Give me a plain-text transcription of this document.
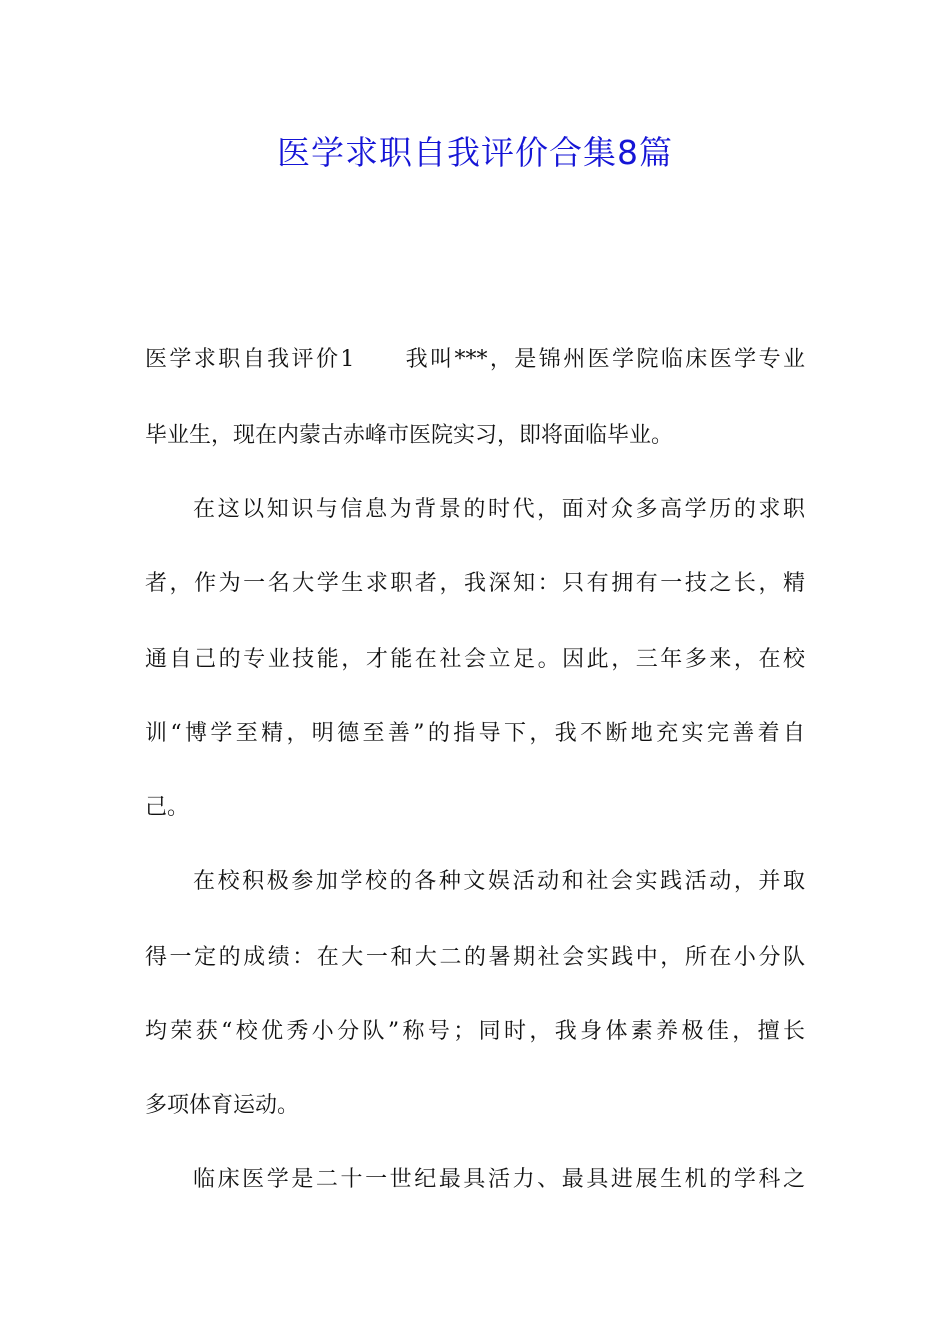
医学求职自我评价合集8篇
医学求职自我评价1　　我叫***，是锦州医学院临床医学专业
毕业生，现在内蒙古赤峰市医院实习，即将面临毕业。
在这以知识与信息为背景的时代，面对众多高学历的求职
者，作为一名大学生求职者，我深知：只有拥有一技之长，精
通自己的专业技能，才能在社会立足。因此，三年多来，在校
训“博学至精，明德至善”的指导下，我不断地充实完善着自
己。
在校积极参加学校的各种文娱活动和社会实践活动，并取
得一定的成绩：在大一和大二的暑期社会实践中，所在小分队
均荣获“校优秀小分队”称号；同时，我身体素养极佳，擅长
多项体育运动。
临床医学是二十一世纪最具活力、最具进展生机的学科之
